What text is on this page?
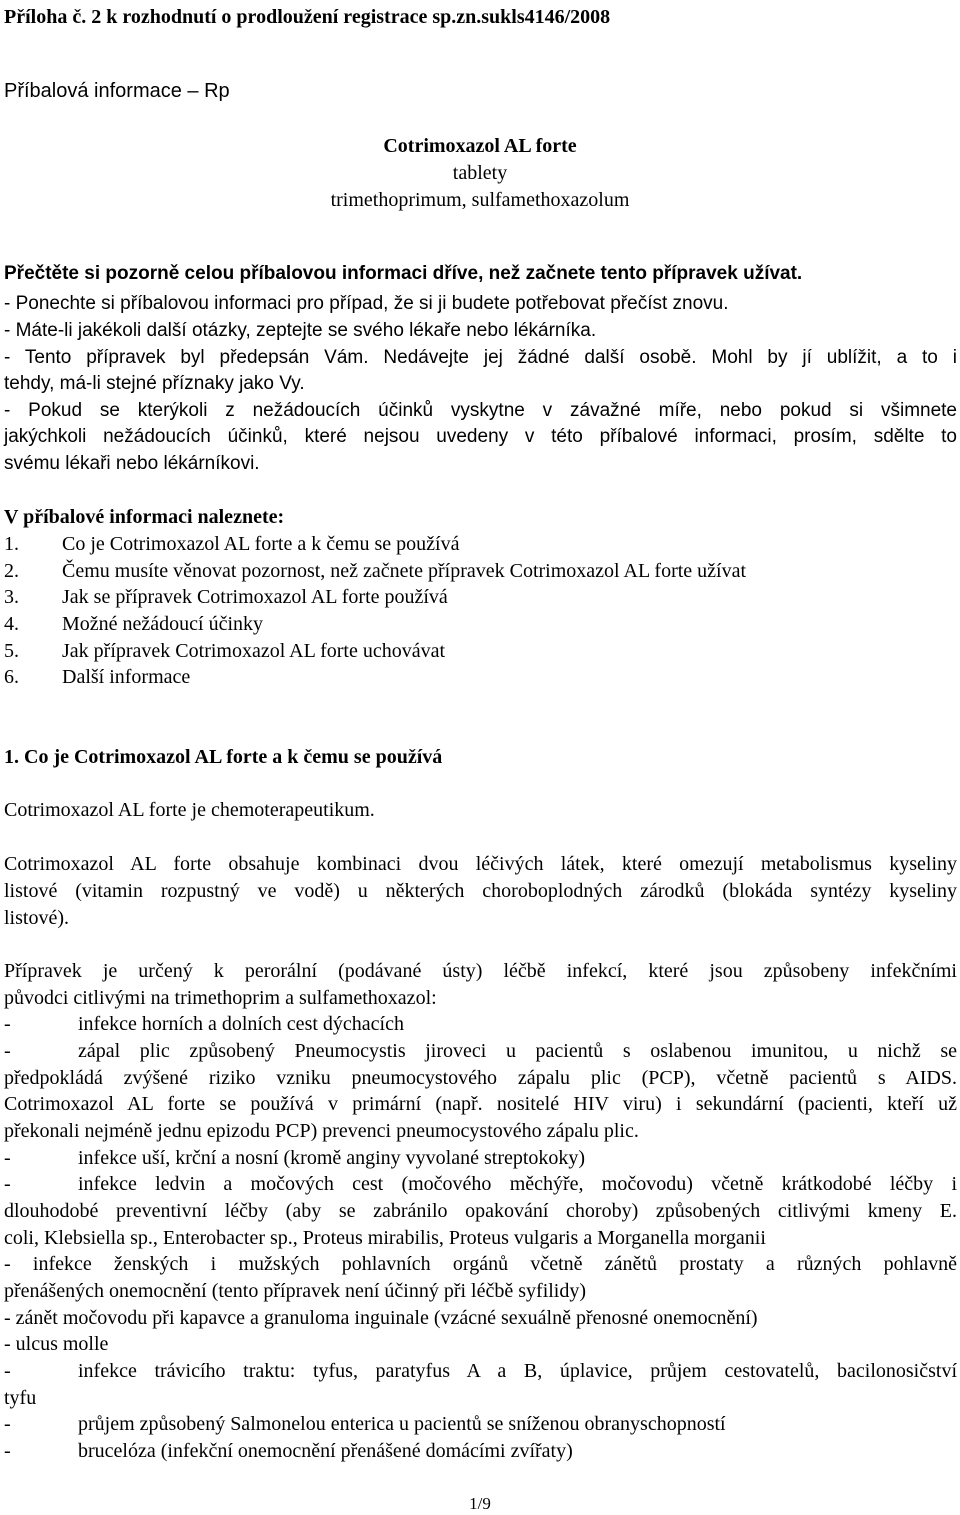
Příloha č. 2 k rozhodnutí o prodloužení registrace sp.zn.sukls4146/2008
Příbalová informace – Rp
Cotrimoxazol AL forte
tablety
trimethoprimum, sulfamethoxazolum
Přečtěte si pozorně celou příbalovou informaci dříve, než začnete tento přípravek užívat.
- Ponechte si příbalovou informaci pro případ, že si ji budete potřebovat přečíst znovu.
- Máte-li jakékoli další otázky, zeptejte se svého lékaře nebo lékárníka.
- Tento přípravek byl předepsán Vám. Nedávejte jej žádné další osobě. Mohl by jí ublížit, a to i
tehdy, má-li stejné příznaky jako Vy.
- Pokud se kterýkoli z nežádoucích účinků vyskytne v závažné míře, nebo pokud si všimnete
jakýchkoli nežádoucích účinků, které nejsou uvedeny v této příbalové informaci, prosím, sdělte to
svému lékaři nebo lékárníkovi.
V příbalové informaci naleznete:
1. Co je Cotrimoxazol AL forte a k čemu se používá
2. Čemu musíte věnovat pozornost, než začnete přípravek Cotrimoxazol AL forte užívat
3. Jak se přípravek Cotrimoxazol AL forte používá
4. Možné nežádoucí účinky
5. Jak přípravek Cotrimoxazol AL forte uchovávat
6. Další informace
1. Co je Cotrimoxazol AL forte a k čemu se používá
Cotrimoxazol AL forte je chemoterapeutikum.
Cotrimoxazol AL forte obsahuje kombinaci dvou léčivých látek, které omezují metabolismus kyseliny
listové (vitamin rozpustný ve vodě) u některých choroboplodných zárodků (blokáda syntézy kyseliny
listové).
Přípravek je určený k perorální (podávané ústy) léčbě infekcí, které jsou způsobeny infekčními
původci citlivými na trimethoprim a sulfamethoxazol:
-	infekce horních a dolních cest dýchacích
-	zápal plic způsobený Pneumocystis jiroveci u pacientů s oslabenou imunitou, u nichž se
předpokládá zvýšené riziko vzniku pneumocystového zápalu plic (PCP), včetně pacientů s AIDS.
Cotrimoxazol AL forte se používá v primární (např. nositelé HIV viru) i sekundární (pacienti, kteří už
překonali nejméně jednu epizodu PCP) prevenci pneumocystového zápalu plic.
-	infekce uší, krční a nosní (kromě anginy vyvolané streptokoky)
-	infekce ledvin a močových cest (močového měchýře, močovodu) včetně krátkodobé léčby i
dlouhodobé preventivní léčby (aby se zabránilo opakování choroby) způsobených citlivými kmeny E.
coli, Klebsiella sp., Enterobacter sp., Proteus mirabilis, Proteus vulgaris a Morganella morganii
- infekce ženských i mužských pohlavních orgánů včetně zánětů prostaty a různých pohlavně
přenášených onemocnění (tento přípravek není účinný při léčbě syfilidy)
- zánět močovodu při kapavce a granuloma inguinale (vzácné sexuálně přenosné onemocnění)
- ulcus molle
-	infekce trávicího traktu: tyfus, paratyfus A a B, úplavice, průjem cestovatelů, bacilonosičství
tyfu
-	průjem způsobený Salmonelou enterica u pacientů se sníženou obranyschopností
-	brucelóza (infekční onemocnění přenášené domácími zvířaty)
1/9
